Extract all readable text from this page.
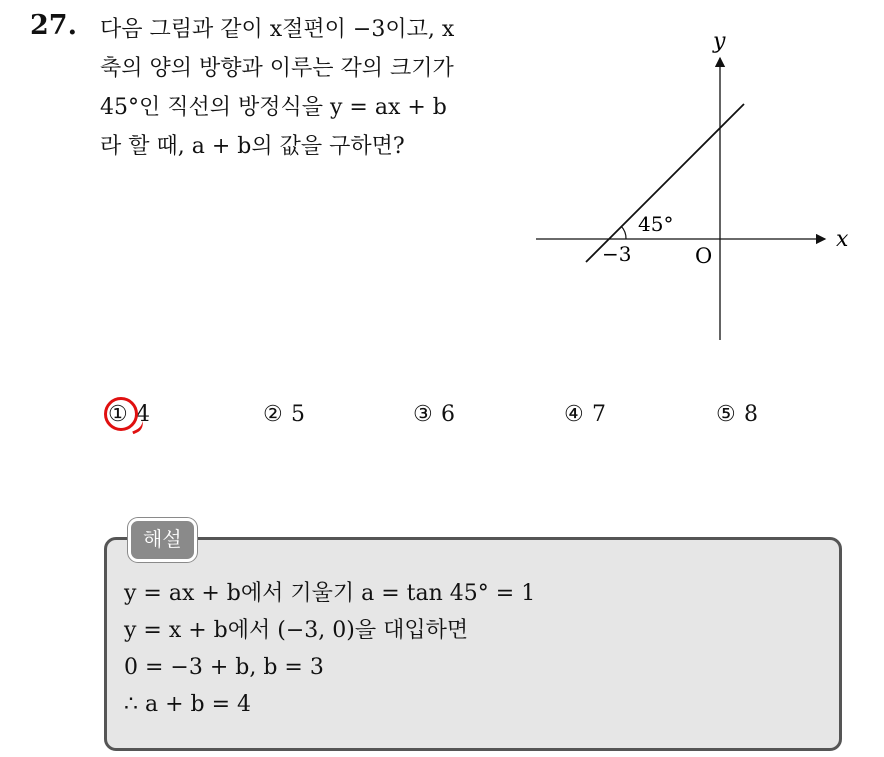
27. 다음 그림과 같이 x절편이 −3이고, x
축의 양의 방향과 이루는 각의 크기가
45°인 직선의 방정식을 y = ax + b
라 할 때, a + b의 값을 구하면?
y
x
O
−3
45°
① 4	② 5	③ 6	④ 7	⑤ 8
해설
y = ax + b에서 기울기 a = tan 45° = 1
y = x + b에서 (−3, 0)을 대입하면
0 = −3 + b, b = 3
∴ a + b = 4
